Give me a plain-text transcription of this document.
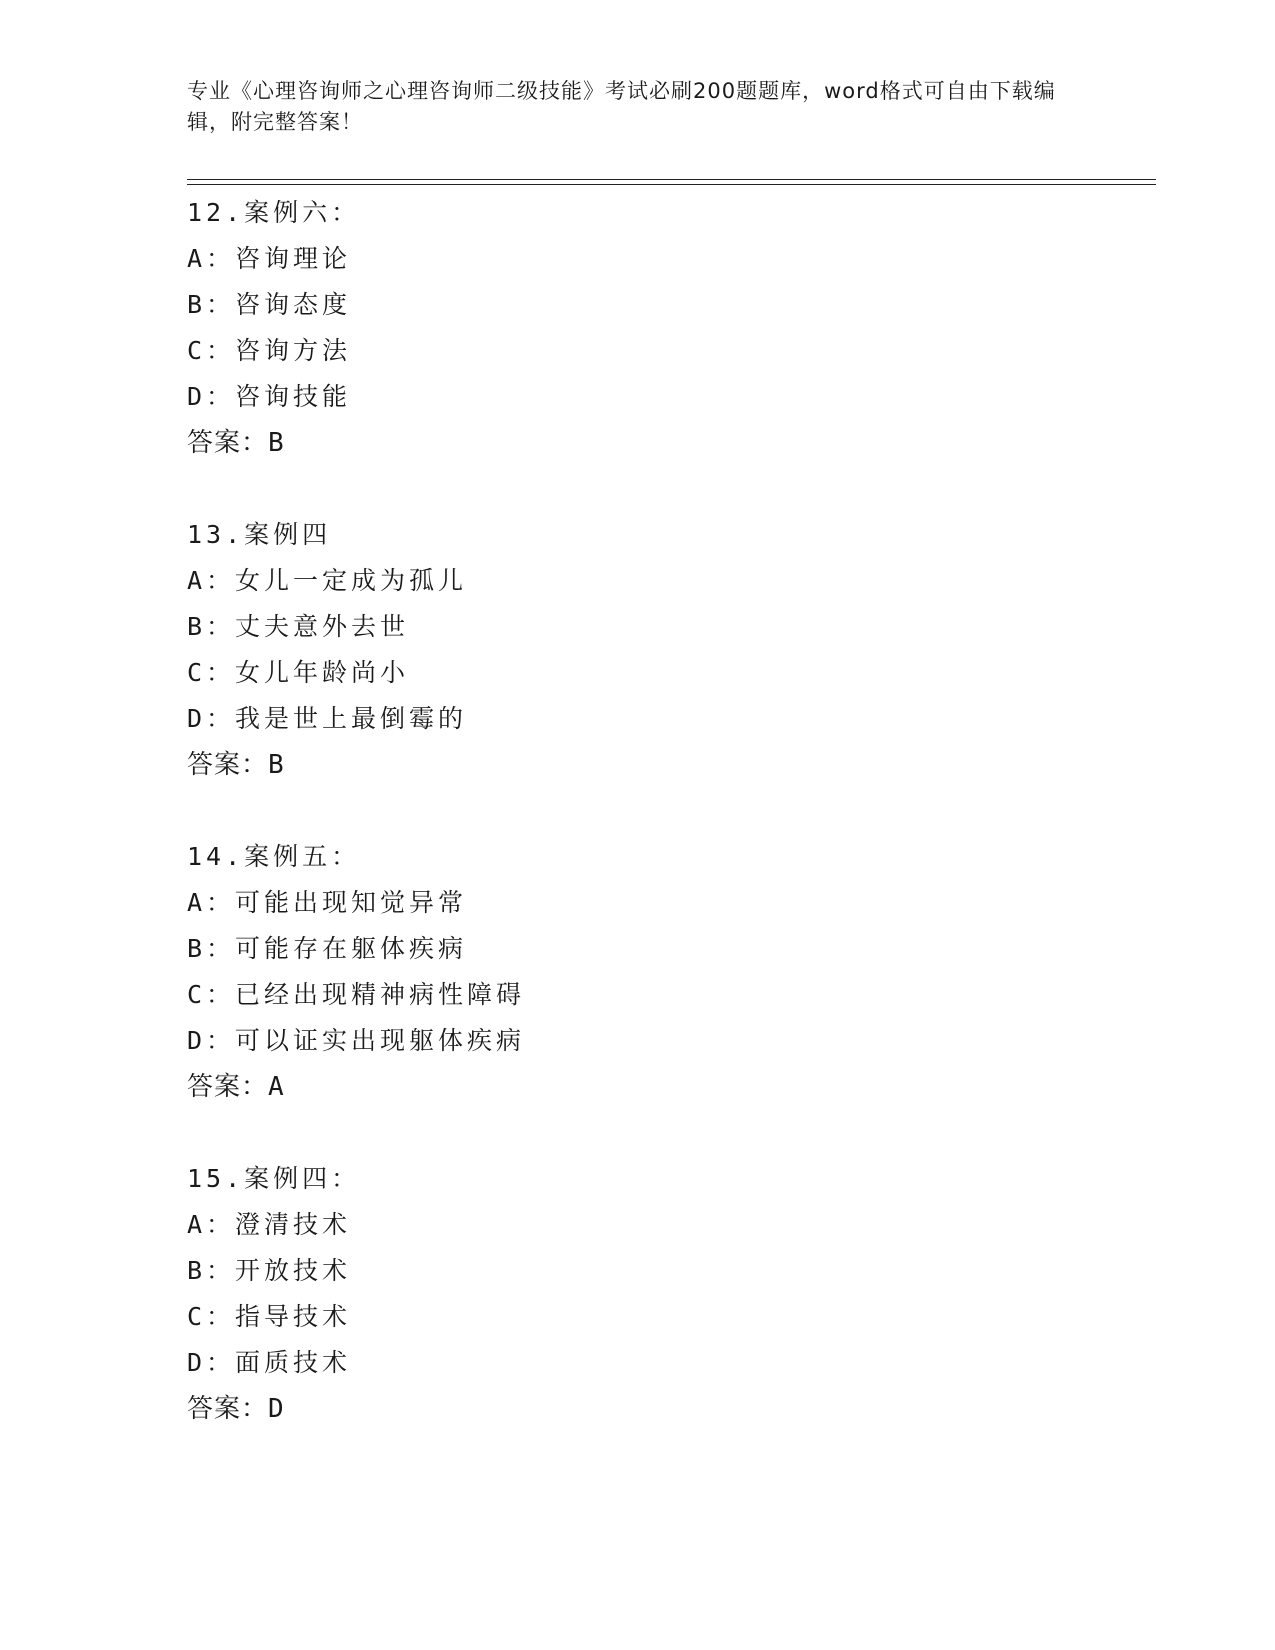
专业《心理咨询师之心理咨询师二级技能》考试必刷200题题库，word格式可自由下载编辑，附完整答案！
12.案例六：
A：咨询理论
B：咨询态度
C：咨询方法
D：咨询技能
答案：B
13.案例四
A：女儿一定成为孤儿
B：丈夫意外去世
C：女儿年龄尚小
D：我是世上最倒霉的
答案：B
14.案例五：
A：可能出现知觉异常
B：可能存在躯体疾病
C：已经出现精神病性障碍
D：可以证实出现躯体疾病
答案：A
15.案例四：
A：澄清技术
B：开放技术
C：指导技术
D：面质技术
答案：D
